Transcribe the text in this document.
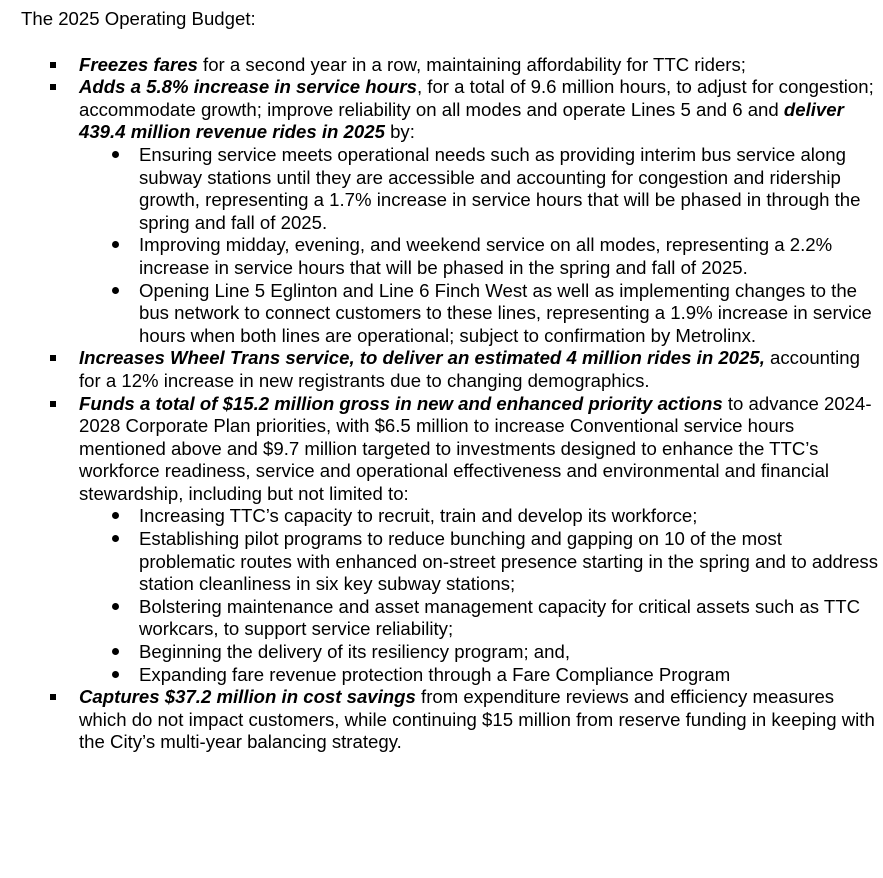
The 2025 Operating Budget:

Freezes fares for a second year in a row, maintaining affordability for TTC riders;
Adds a 5.8% increase in service hours, for a total of 9.6 million hours, to adjust for congestion; accommodate growth; improve reliability on all modes and operate Lines 5 and 6 and deliver 439.4 million revenue rides in 2025 by:
Ensuring service meets operational needs such as providing interim bus service along subway stations until they are accessible and accounting for congestion and ridership growth, representing a 1.7% increase in service hours that will be phased in through the spring and fall of 2025.
Improving midday, evening, and weekend service on all modes, representing a 2.2% increase in service hours that will be phased in the spring and fall of 2025.
Opening Line 5 Eglinton and Line 6 Finch West as well as implementing changes to the bus network to connect customers to these lines, representing a 1.9% increase in service hours when both lines are operational; subject to confirmation by Metrolinx.
Increases Wheel Trans service, to deliver an estimated 4 million rides in 2025, accounting for a 12% increase in new registrants due to changing demographics.
Funds a total of $15.2 million gross in new and enhanced priority actions to advance 2024-2028 Corporate Plan priorities, with $6.5 million to increase Conventional service hours mentioned above and $9.7 million targeted to investments designed to enhance the TTC’s workforce readiness, service and operational effectiveness and environmental and financial stewardship, including but not limited to:
Increasing TTC’s capacity to recruit, train and develop its workforce;
Establishing pilot programs to reduce bunching and gapping on 10 of the most problematic routes with enhanced on-street presence starting in the spring and to address station cleanliness in six key subway stations;
Bolstering maintenance and asset management capacity for critical assets such as TTC workcars, to support service reliability;
Beginning the delivery of its resiliency program; and,
Expanding fare revenue protection through a Fare Compliance Program
Captures $37.2 million in cost savings from expenditure reviews and efficiency measures which do not impact customers, while continuing $15 million from reserve funding in keeping with the City’s multi-year balancing strategy.
